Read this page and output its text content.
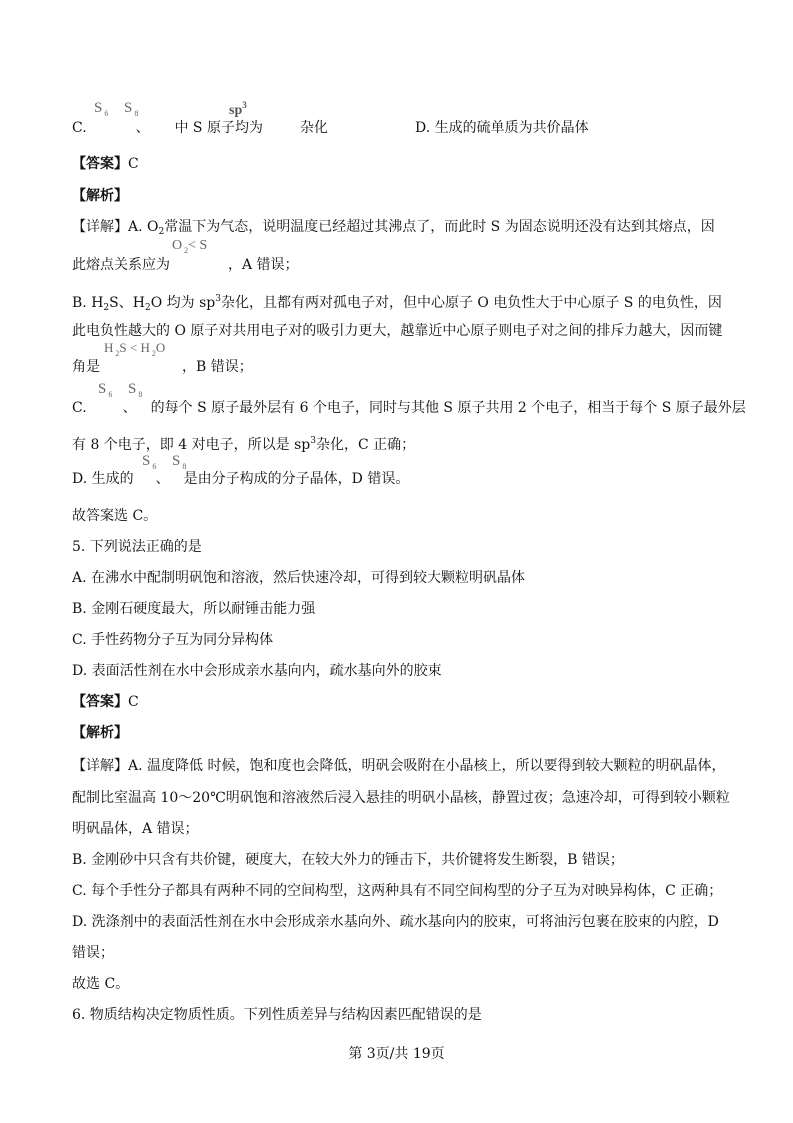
S $_6$ S $_8$	$sp^3$
C.	、 中 S 原子均为	杂化	D. 生成的硫单质为共价晶体
【答案】C
【解析】
【详解】A. $O_2$常温下为气态，说明温度已经超过其沸点了，而此时 S 为固态说明还没有达到其熔点，因
O $_2$< S
此熔点关系应为	，A 错误；
B. $H_2S$、$H_2O$ 均为 $sp^3$杂化，且都有两对孤电子对，但中心原子 O 电负性大于中心原子 S 的电负性，因
此电负性越大的 O 原子对共用电子对的吸引力更大，越靠近中心原子则电子对之间的排斥力越大，因而键
H $_2$S < H $_2$O
角是	，B 错误；
S $_6$ S $_8$
C.	、 的每个 S 原子最外层有 6 个电子，同时与其他 S 原子共用 2 个电子，相当于每个 S 原子最外层
有 8 个电子，即 4 对电子，所以是 $sp^3$杂化，C 正确；
S $_6$ S $_8$
D. 生成的 、 是由分子构成的分子晶体，D 错误。
故答案选 C。
5. 下列说法正确的是
A. 在沸水中配制明矾饱和溶液，然后快速冷却，可得到较大颗粒明矾晶体
B. 金刚石硬度最大，所以耐锤击能力强
C. 手性药物分子互为同分异构体
D. 表面活性剂在水中会形成亲水基向内，疏水基向外的胶束
【答案】C
【解析】
【详解】A. 温度降低 时候，饱和度也会降低，明矾会吸附在小晶核上，所以要得到较大颗粒的明矾晶体，
配制比室温高 10～20℃明矾饱和溶液然后浸入悬挂的明矾小晶核，静置过夜；急速冷却，可得到较小颗粒
明矾晶体，A 错误；
B. 金刚砂中只含有共价键，硬度大，在较大外力的锤击下，共价键将发生断裂，B 错误；
C. 每个手性分子都具有两种不同的空间构型，这两种具有不同空间构型的分子互为对映异构体，C 正确；
D. 洗涤剂中的表面活性剂在水中会形成亲水基向外、疏水基向内的胶束，可将油污包裹在胶束的内腔，D
错误；
故选 C。
6. 物质结构决定物质性质。下列性质差异与结构因素匹配错误的是
第 3页/共 19页
